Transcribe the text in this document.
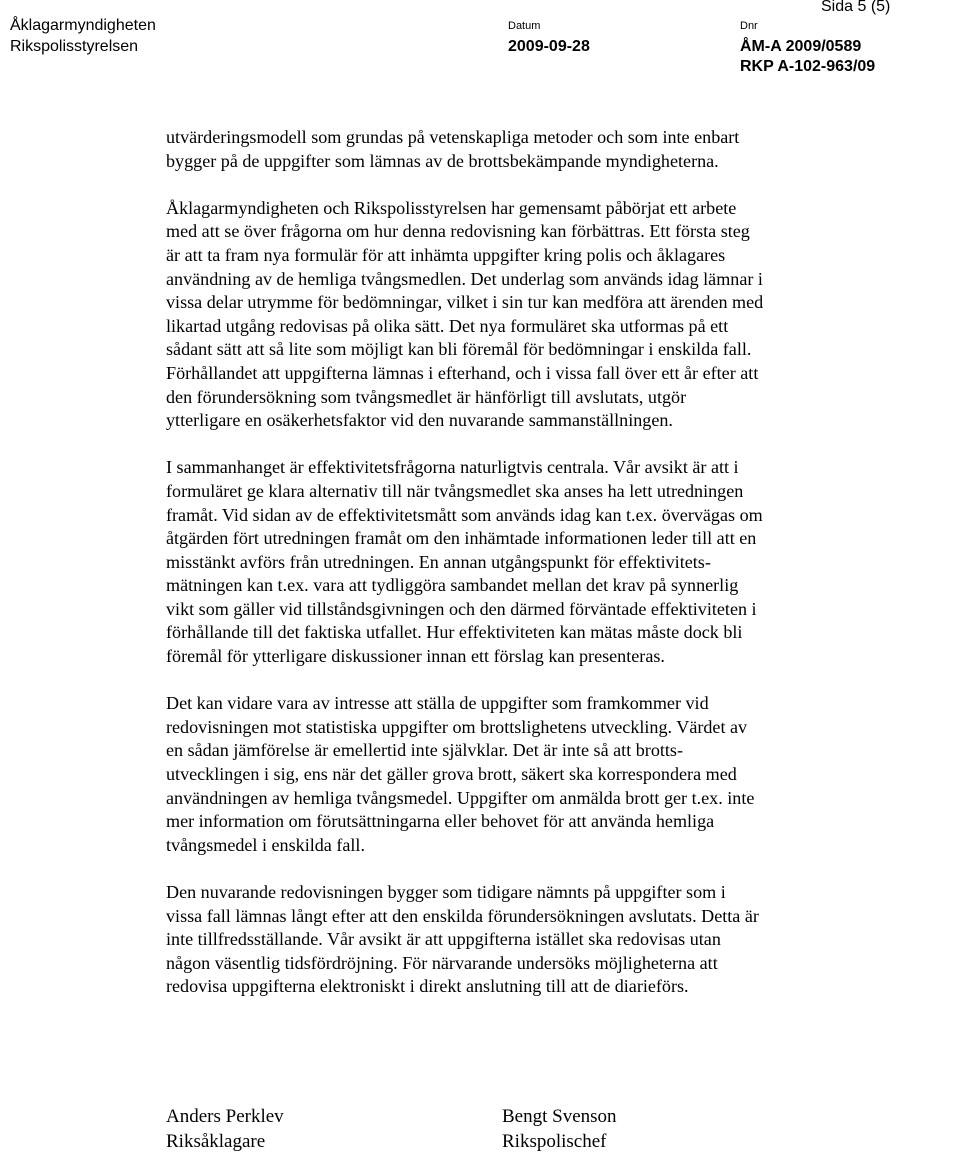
Åklagarmyndigheten
Rikspolisstyrelsen
Datum
2009-09-28
Dnr
ÅM-A 2009/0589
RKP A-102-963/09
Sida 5 (5)

utvärderingsmodell som grundas på vetenskapliga metoder och som inte enbart
bygger på de uppgifter som lämnas av de brottsbekämpande myndigheterna.

Åklagarmyndigheten och Rikspolisstyrelsen har gemensamt påbörjat ett arbete
med att se över frågorna om hur denna redovisning kan förbättras. Ett första steg
är att ta fram nya formulär för att inhämta uppgifter kring polis och åklagares
användning av de hemliga tvångsmedlen. Det underlag som används idag lämnar i
vissa delar utrymme för bedömningar, vilket i sin tur kan medföra att ärenden med
likartad utgång redovisas på olika sätt. Det nya formuläret ska utformas på ett
sådant sätt att så lite som möjligt kan bli föremål för bedömningar i enskilda fall.
Förhållandet att uppgifterna lämnas i efterhand, och i vissa fall över ett år efter att
den förundersökning som tvångsmedlet är hänförligt till avslutats, utgör
ytterligare en osäkerhetsfaktor vid den nuvarande sammanställningen.

I sammanhanget är effektivitetsfrågorna naturligtvis centrala. Vår avsikt är att i
formuläret ge klara alternativ till när tvångsmedlet ska anses ha lett utredningen
framåt. Vid sidan av de effektivitetsmått som används idag kan t.ex. övervägas om
åtgärden fört utredningen framåt om den inhämtade informationen leder till att en
misstänkt avförs från utredningen. En annan utgångspunkt för effektivitets-
mätningen kan t.ex. vara att tydliggöra sambandet mellan det krav på synnerlig
vikt som gäller vid tillståndsgivningen och den därmed förväntade effektiviteten i
förhållande till det faktiska utfallet. Hur effektiviteten kan mätas måste dock bli
föremål för ytterligare diskussioner innan ett förslag kan presenteras.

Det kan vidare vara av intresse att ställa de uppgifter som framkommer vid
redovisningen mot statistiska uppgifter om brottslighetens utveckling. Värdet av
en sådan jämförelse är emellertid inte självklar. Det är inte så att brotts-
utvecklingen i sig, ens när det gäller grova brott, säkert ska korrespondera med
användningen av hemliga tvångsmedel. Uppgifter om anmälda brott ger t.ex. inte
mer information om förutsättningarna eller behovet för att använda hemliga
tvångsmedel i enskilda fall.

Den nuvarande redovisningen bygger som tidigare nämnts på uppgifter som i
vissa fall lämnas långt efter att den enskilda förundersökningen avslutats. Detta är
inte tillfredsställande. Vår avsikt är att uppgifterna istället ska redovisas utan
någon väsentlig tidsfördröjning. För närvarande undersöks möjligheterna att
redovisa uppgifterna elektroniskt i direkt anslutning till att de diarieförs.

Anders Perklev
Riksåklagare
Bengt Svenson
Rikspolischef
